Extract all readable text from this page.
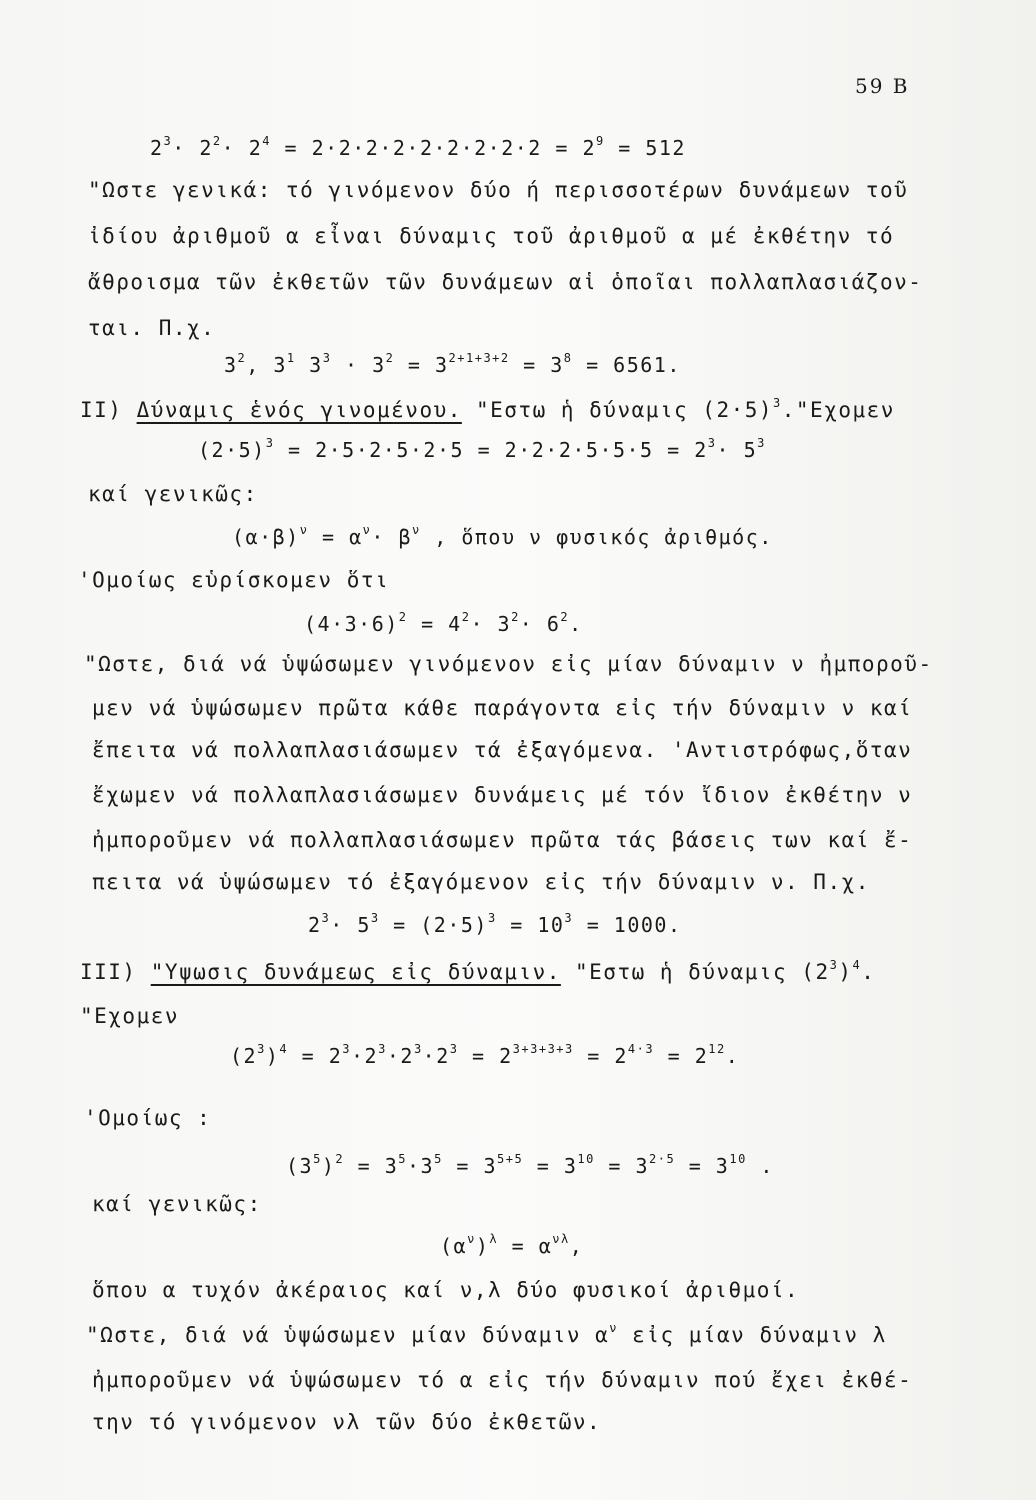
59 B
$2^3\cdot 2^2\cdot 2^4 = 2\cdot 2\cdot 2\cdot 2\cdot 2\cdot 2\cdot 2\cdot 2\cdot 2 = 2^9 = 512$
"Ωστε γενικά: τό γινόμενον δύο ή περισσοτέρων δυνάμεων τοῦ
ἰδίου ἀριθμοῦ α εἶναι δύναμις τοῦ ἀριθμοῦ α μέ ἐκθέτην τό
ἄθροισμα τῶν ἐκθετῶν τῶν δυνάμεων αἱ ὁποῖαι πολλαπλασιάζον-
ται. Π.χ.
$3^2$, $3^1$ $3^3 \cdot 3^2 = 3^{2+1+3+2} = 3^8 = 6561$.
II) Δύναμις ἑνός γινομένου. "Εστω ἡ δύναμις $(2\cdot 5)^3."E\chi o\mu\varepsilon\nu$
$(2\cdot 5)^3 = 2\cdot 5\cdot 2\cdot 5\cdot 2\cdot 5 = 2\cdot 2\cdot 2\cdot 5\cdot 5\cdot 5 = 2^3\cdot 5^3$
καί γενικῶς:
$(\alpha\cdot\beta)^\nu = \alpha^\nu\cdot \beta^\nu$ , ὅπου ν φυσικός ἀριθμός.
'Ομοίως εὑρίσκομεν ὅτι
$(4\cdot 3\cdot 6)^2 = 4^2\cdot 3^2\cdot 6^2$.
"Ωστε, διά νά ὑψώσωμεν γινόμενον εἰς μίαν δύναμιν ν ἠμποροῦ-
μεν νά ὑψώσωμεν πρῶτα κάθε παράγοντα εἰς τήν δύναμιν ν καί
ἔπειτα νά πολλαπλασιάσωμεν τά ἐξαγόμενα. 'Αντιστρόφως,ὅταν
ἔχωμεν νά πολλαπλασιάσωμεν δυνάμεις μέ τόν ἴδιον ἐκθέτην ν
ἠμποροῦμεν νά πολλαπλασιάσωμεν πρῶτα τάς βάσεις των καί ἔ-
πειτα νά ὑψώσωμεν τό ἐξαγόμενον εἰς τήν δύναμιν ν. Π.χ.
$2^3\cdot 5^3 = (2\cdot 5)^3 = 10^3 = 1000$.
III) "Υψωσις δυνάμεως εἰς δύναμιν. "Εστω ἡ δύναμις $(2^3)^4$.
"Εχομεν
$(2^3)^4 = 2^3\cdot 2^3\cdot 2^3\cdot 2^3 = 2^{3+3+3+3} = 2^{4\cdot 3} = 2^{12}$.
'Ομοίως :
$(3^5)^2 = 3^5\cdot 3^5 = 3^{5+5} = 3^{10} = 3^{2\cdot 5} = 3^{10}$ .
καί γενικῶς:
$(\alpha^\nu)^\lambda = \alpha^{\nu\lambda}$,
ὅπου α τυχόν ἀκέραιος καί ν,λ δύο φυσικοί ἀριθμοί.
"Ωστε, διά νά ὑψώσωμεν μίαν δύναμιν $\alpha^\nu$ εἰς μίαν δύναμιν λ
ἠμποροῦμεν νά ὑψώσωμεν τό α εἰς τήν δύναμιν πού ἔχει ἐκθέ-
την τό γινόμενον νλ τῶν δύο ἐκθετῶν.
